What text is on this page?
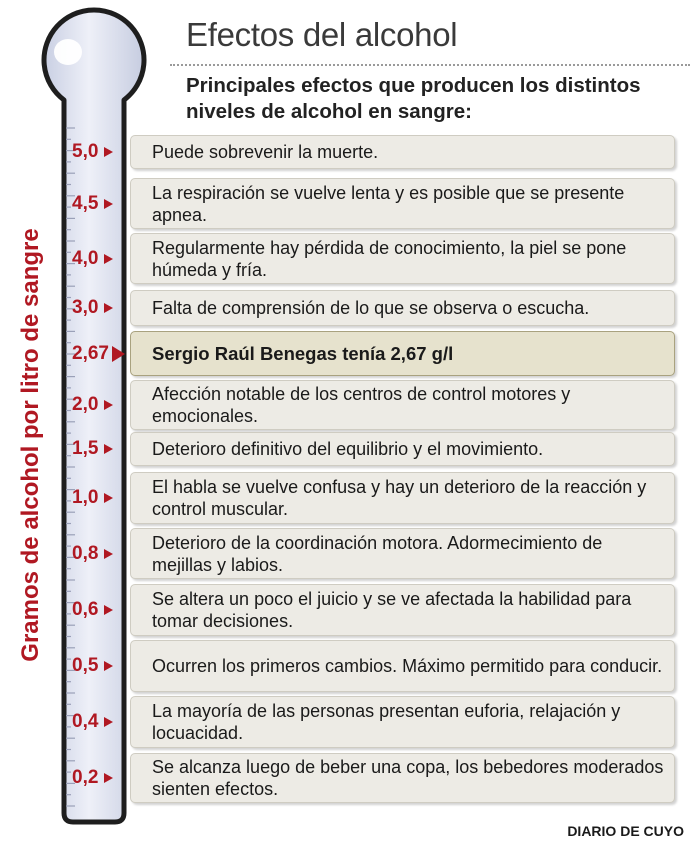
Efectos del alcohol
Principales efectos que producen los distintos niveles de alcohol en sangre:
Gramos de alcohol por litro de sangre
Puede sobrevenir la muerte.
5,0
La respiración se vuelve lenta y es posible que se presente apnea.
4,5
Regularmente hay pérdida de conocimiento, la piel se pone húmeda y fría.
4,0
Falta de comprensión de lo que se observa o escucha.
3,0
Sergio Raúl Benegas tenía 2,67 g/l
2,67
Afección notable de los centros de control motores y emocionales.
2,0
Deterioro definitivo del equilibrio y el movimiento.
1,5
El habla se vuelve confusa y hay un deterioro de la reacción y control muscular.
1,0
Deterioro de la coordinación motora. Adormecimiento de mejillas y labios.
0,8
Se altera un poco el juicio y se ve afectada la habilidad para tomar decisiones.
0,6
Ocurren los primeros cambios. Máximo permitido para conducir.
0,5
La mayoría de las personas presentan euforia, relajación y locuacidad.
0,4
Se alcanza luego de beber una copa, los bebedores moderados sienten efectos.
0,2
DIARIO DE CUYO
